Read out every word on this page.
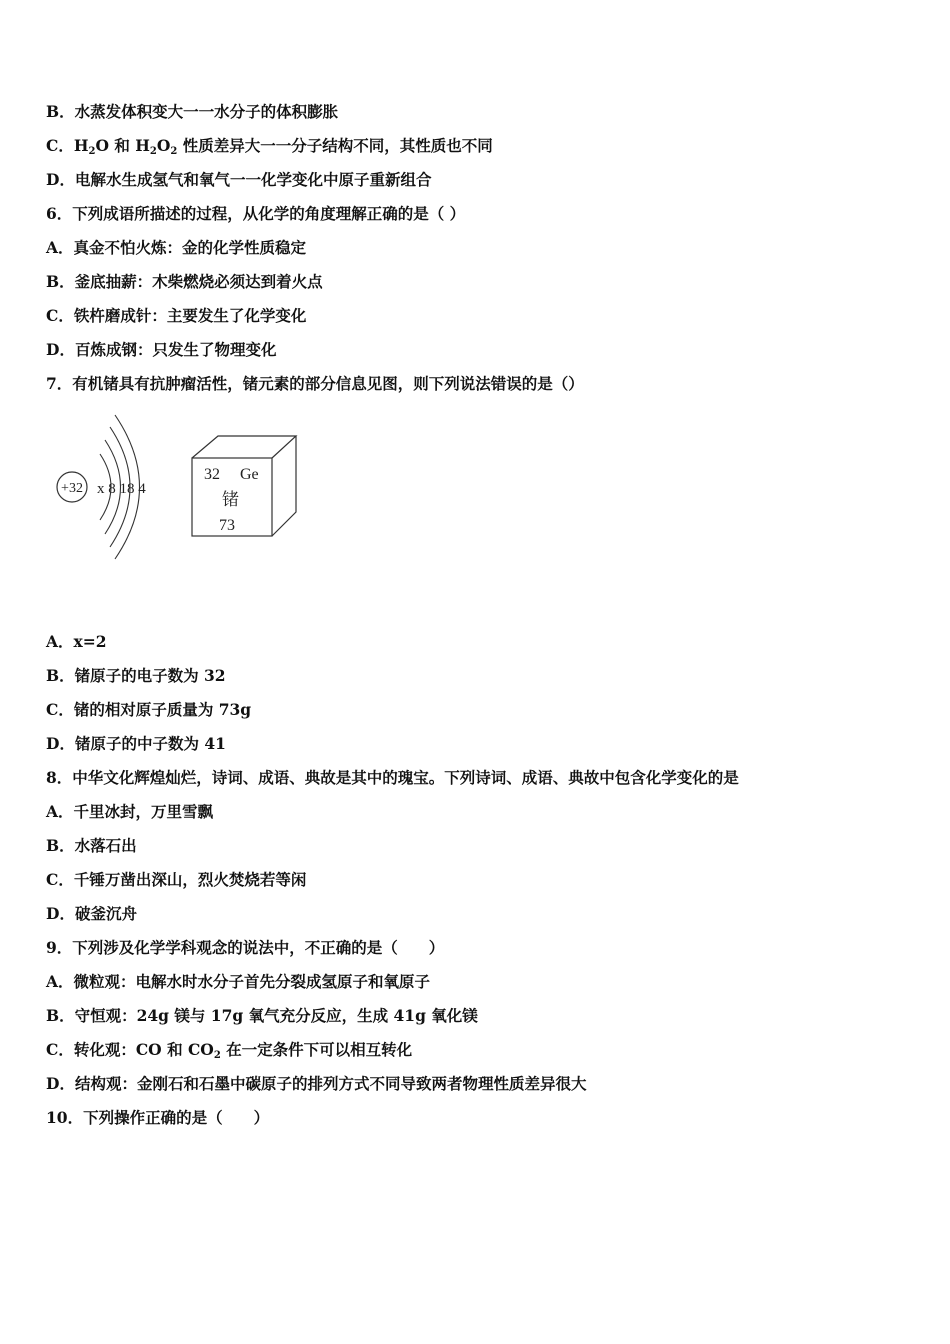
B．水蒸发体积变大一一水分子的体积膨胀
C．$H_2O$ 和 $H_2O_2$ 性质差异大一一分子结构不同，其性质也不同
D．电解水生成氢气和氧气一一化学变化中原子重新组合
6．下列成语所描述的过程，从化学的角度理解正确的是（ ）
A．真金不怕火炼：金的化学性质稳定
B．釜底抽薪：木柴燃烧必须达到着火点
C．铁杵磨成针：主要发生了化学变化
D．百炼成钢：只发生了物理变化
7．有机锗具有抗肿瘤活性，锗元素的部分信息见图，则下列说法错误的是（）
+32 x 8 18 4
32 Ge
锗
73
A．x=2
B．锗原子的电子数为 32
C．锗的相对原子质量为 73g
D．锗原子的中子数为 41
8．中华文化辉煌灿烂，诗词、成语、典故是其中的瑰宝。下列诗词、成语、典故中包含化学变化的是
A．千里冰封，万里雪飘
B．水落石出
C．千锤万凿出深山，烈火焚烧若等闲
D．破釜沉舟
9．下列涉及化学学科观念的说法中，不正确的是（　　）
A．微粒观：电解水时水分子首先分裂成氢原子和氧原子
B．守恒观：24g 镁与 17g 氧气充分反应，生成 41g 氧化镁
C．转化观：CO 和 $CO_2$ 在一定条件下可以相互转化
D．结构观：金刚石和石墨中碳原子的排列方式不同导致两者物理性质差异很大
10．下列操作正确的是（　　）
